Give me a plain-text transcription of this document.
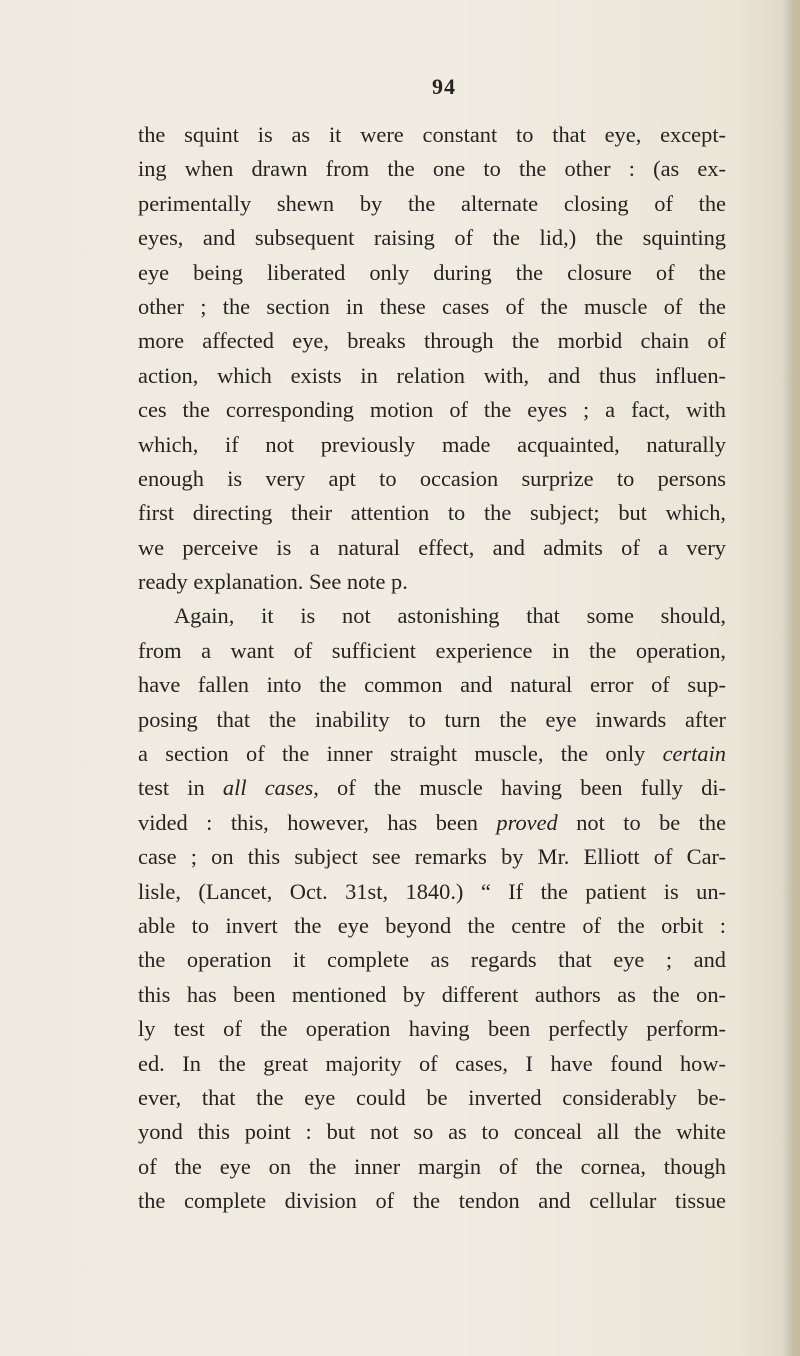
94
the squint is as it were constant to that eye, except-
ing when drawn from the one to the other : (as ex-
perimentally shewn by the alternate closing of the
eyes, and subsequent raising of the lid,) the squinting
eye being liberated only during the closure of the
other ; the section in these cases of the muscle of the
more affected eye, breaks through the morbid chain of
action, which exists in relation with, and thus influen-
ces the corresponding motion of the eyes ; a fact, with
which, if not previously made acquainted, naturally
enough is very apt to occasion surprize to persons
first directing their attention to the subject; but which,
we perceive is a natural effect, and admits of a very
ready explanation. See note p.
Again, it is not astonishing that some should,
from a want of sufficient experience in the operation,
have fallen into the common and natural error of sup-
posing that the inability to turn the eye inwards after
a section of the inner straight muscle, the only certain
test in all cases, of the muscle having been fully di-
vided : this, however, has been proved not to be the
case ; on this subject see remarks by Mr. Elliott of Car-
lisle, (Lancet, Oct. 31st, 1840.) “ If the patient is un-
able to invert the eye beyond the centre of the orbit :
the operation it complete as regards that eye ; and
this has been mentioned by different authors as the on-
ly test of the operation having been perfectly perform-
ed. In the great majority of cases, I have found how-
ever, that the eye could be inverted considerably be-
yond this point : but not so as to conceal all the white
of the eye on the inner margin of the cornea, though
the complete division of the tendon and cellular tissue
